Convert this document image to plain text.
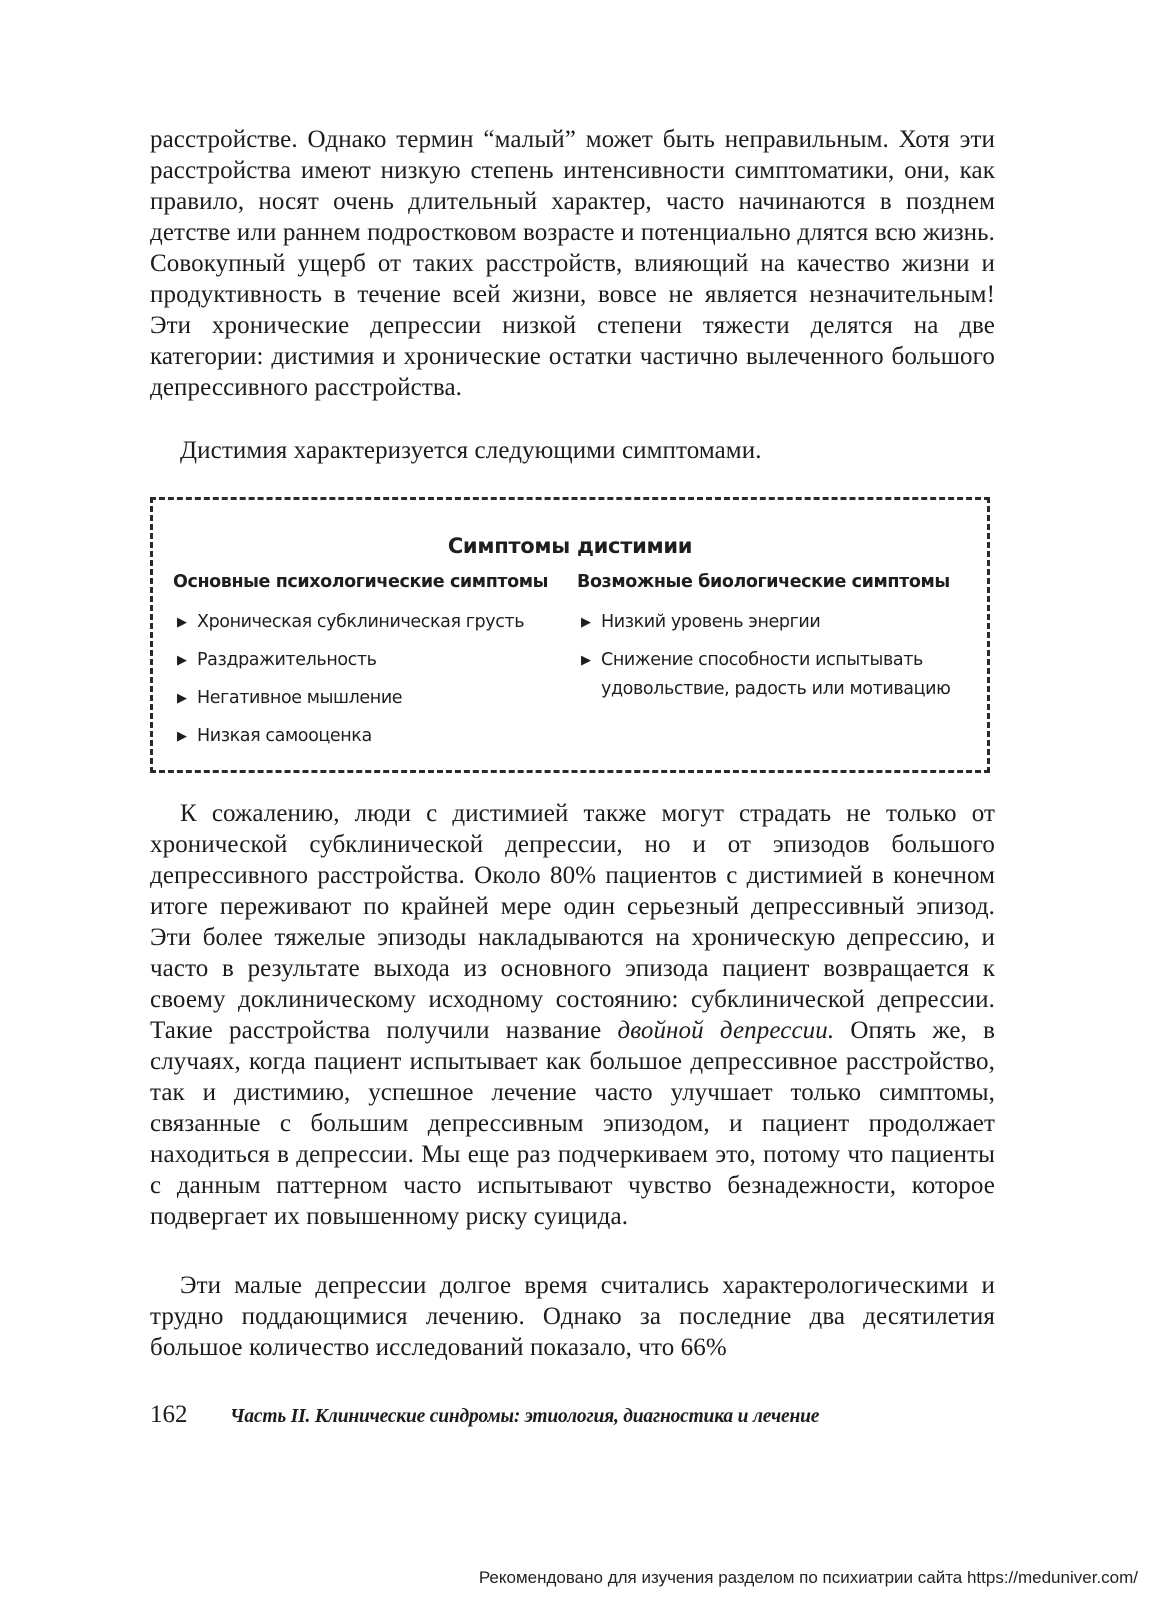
расстройстве. Однако термин “малый” может быть неправильным. Хотя эти расстройства имеют низкую степень интенсивности симптоматики, они, как правило, носят очень длительный характер, часто начинаются в позднем детстве или раннем подростковом возрасте и потенциально длятся всю жизнь. Совокупный ущерб от таких расстройств, влияющий на качество жизни и продуктивность в течение всей жизни, вовсе не является незначительным! Эти хронические депрессии низкой степени тяжести делятся на две категории: дистимия и хронические остатки частично вылеченного большого депрессивного расстройства.

Дистимия характеризуется следующими симптомами.

Симптомы дистимии
Основные психологические симптомы
▶ Хроническая субклиническая грусть
▶ Раздражительность
▶ Негативное мышление
▶ Низкая самооценка
Возможные биологические симптомы
▶ Низкий уровень энергии
▶ Снижение способности испытывать удовольствие, радость или мотивацию

К сожалению, люди с дистимией также могут страдать не только от хронической субклинической депрессии, но и от эпизодов большого депрессивного расстройства. Около 80% пациентов с дистимией в конечном итоге переживают по крайней мере один серьезный депрессивный эпизод. Эти более тяжелые эпизоды накладываются на хроническую депрессию, и часто в результате выхода из основного эпизода пациент возвращается к своему доклиническому исходному состоянию: субклинической депрессии. Такие расстройства получили название двойной депрессии. Опять же, в случаях, когда пациент испытывает как большое депрессивное расстройство, так и дистимию, успешное лечение часто улучшает только симптомы, связанные с большим депрессивным эпизодом, и пациент продолжает находиться в депрессии. Мы еще раз подчеркиваем это, потому что пациенты с данным паттерном часто испытывают чувство безнадежности, которое подвергает их повышенному риску суицида.

Эти малые депрессии долгое время считались характерологическими и трудно поддающимися лечению. Однако за последние два десятилетия большое количество исследований показало, что 66%

162 Часть II. Клинические синдромы: этиология, диагностика и лечение
Рекомендовано для изучения разделом по психиатрии сайта https://meduniver.com/
